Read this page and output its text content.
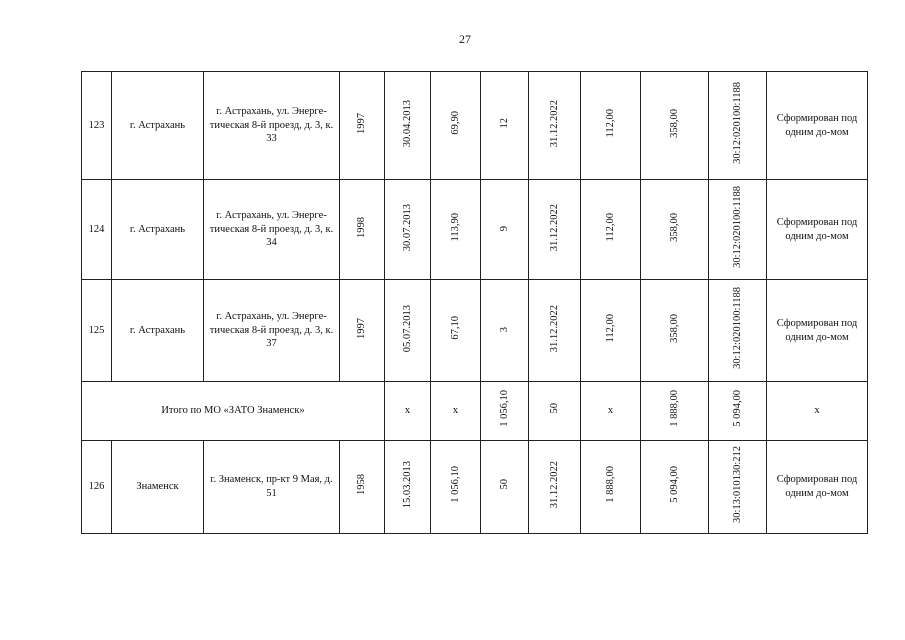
27
123	г. Астрахань	г. Астрахань, ул. Энерге-тическая 8-й проезд, д. 3, к. 33	1997	30.04.2013	69,90	12	31.12.2022	112,00	358,00	30:12:020100:1188	Сформирован под одним до-мом	
124	г. Астрахань	г. Астрахань, ул. Энерге-тическая 8-й проезд, д. 3, к. 34	1998	30.07.2013	113,90	9	31.12.2022	112,00	358,00	30:12:020100:1188	Сформирован под одним до-мом	
125	г. Астрахань	г. Астрахань, ул. Энерге-тическая 8-й проезд, д. 3, к. 37	1997	05.07.2013	67,10	3	31.12.2022	112,00	358,00	30:12:020100:1188	Сформирован под одним до-мом	
Итого по МО «ЗАТО Знаменск»				х	х	1 056,10	50	х	1 888,00	5 094,00	х	
126	Знаменск	г. Знаменск, пр-кт 9 Мая, д. 51	1958	15.03.2013	1 056,10	50	31.12.2022	1 888,00	5 094,00	30:13:010130:212	Сформирован под одним до-мом	
